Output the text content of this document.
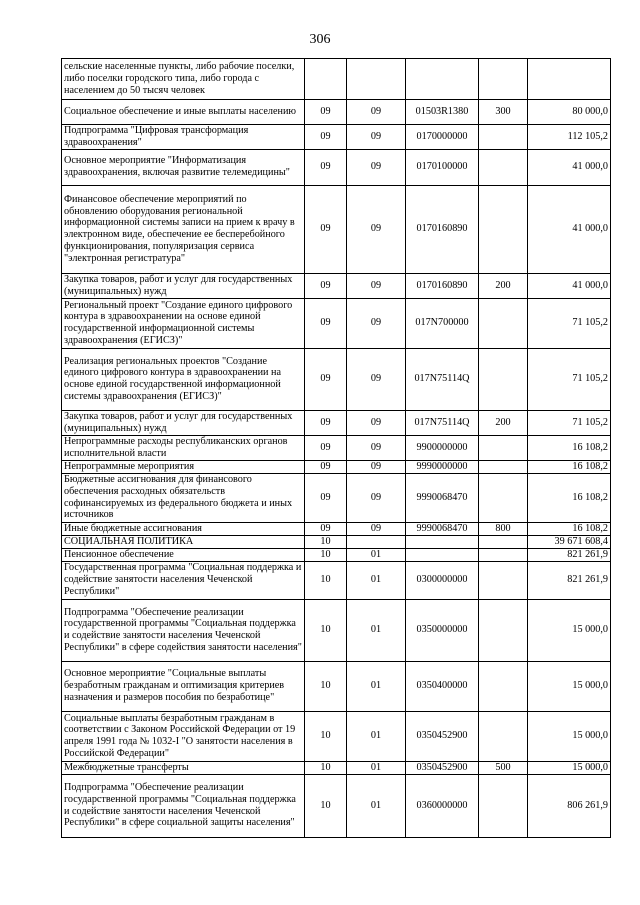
306
сельские населенные пункты, либо рабочие поселки, либо поселки городского типа, либо города с населением до 50 тысяч человек					
Социальное обеспечение и иные выплаты населению	09	09	01503R1380	300	80 000,0
Подпрограмма "Цифровая трансформация здравоохранения"	09	09	0170000000		112 105,2
Основное мероприятие "Информатизация здравоохранения, включая развитие телемедицины"	09	09	0170100000		41 000,0
Финансовое обеспечение мероприятий по обновлению оборудования региональной информационной системы записи на прием к врачу в электронном виде, обеспечение ее бесперебойного функционирования, популяризация сервиса "электронная регистратура"	09	09	0170160890		41 000,0
Закупка товаров, работ и услуг для государственных (муниципальных) нужд	09	09	0170160890	200	41 000,0
Региональный проект "Создание единого цифрового контура в здравоохранении на основе единой государственной информационной системы здравоохранения (ЕГИСЗ)"	09	09	017N700000		71 105,2
Реализация региональных проектов "Создание единого цифрового контура в здравоохранении на основе единой государственной информационной системы здравоохранения (ЕГИСЗ)"	09	09	017N75114Q		71 105,2
Закупка товаров, работ и услуг для государственных (муниципальных) нужд	09	09	017N75114Q	200	71 105,2
Непрограммные расходы республиканских органов исполнительной власти	09	09	9900000000		16 108,2
Непрограммные мероприятия	09	09	9990000000		16 108,2
Бюджетные ассигнования для финансового обеспечения расходных обязательств софинансируемых из федерального бюджета и иных источников	09	09	9990068470		16 108,2
Иные бюджетные ассигнования	09	09	9990068470	800	16 108,2
СОЦИАЛЬНАЯ ПОЛИТИКА	10				39 671 608,4
Пенсионное обеспечение	10	01			821 261,9
Государственная программа "Социальная поддержка и содействие занятости населения Чеченской Республики"	10	01	0300000000		821 261,9
Подпрограмма "Обеспечение реализации государственной программы "Социальная поддержка и содействие занятости населения Чеченской Республики" в сфере содействия занятости населения"	10	01	0350000000		15 000,0
Основное мероприятие "Социальные выплаты безработным гражданам и оптимизация критериев назначения и размеров пособия по безработице"	10	01	0350400000		15 000,0
Социальные выплаты безработным гражданам в соответствии с Законом Российской Федерации от 19 апреля 1991 года № 1032-I "О занятости населения в Российской Федерации"	10	01	0350452900		15 000,0
Межбюджетные трансферты	10	01	0350452900	500	15 000,0
Подпрограмма "Обеспечение реализации государственной программы "Социальная поддержка и содействие занятости населения Чеченской Республики" в сфере социальной защиты населения"	10	01	0360000000		806 261,9
